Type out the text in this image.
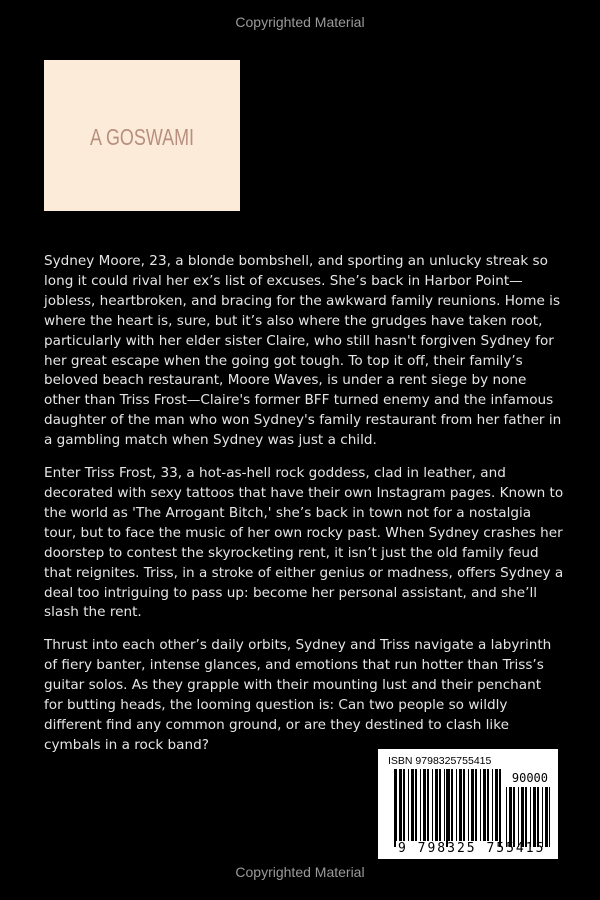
Copyrighted Material
A GOSWAMI

Sydney Moore, 23, a blonde bombshell, and sporting an unlucky streak so long it could rival her ex’s list of excuses. She’s back in Harbor Point—jobless, heartbroken, and bracing for the awkward family reunions. Home is where the heart is, sure, but it’s also where the grudges have taken root, particularly with her elder sister Claire, who still hasn't forgiven Sydney for her great escape when the going got tough. To top it off, their family’s beloved beach restaurant, Moore Waves, is under a rent siege by none other than Triss Frost—Claire's former BFF turned enemy and the infamous daughter of the man who won Sydney's family restaurant from her father in a gambling match when Sydney was just a child.

Enter Triss Frost, 33, a hot-as-hell rock goddess, clad in leather, and decorated with sexy tattoos that have their own Instagram pages. Known to the world as 'The Arrogant Bitch,' she’s back in town not for a nostalgia tour, but to face the music of her own rocky past. When Sydney crashes her doorstep to contest the skyrocketing rent, it isn’t just the old family feud that reignites. Triss, in a stroke of either genius or madness, offers Sydney a deal too intriguing to pass up: become her personal assistant, and she’ll slash the rent.

Thrust into each other’s daily orbits, Sydney and Triss navigate a labyrinth of fiery banter, intense glances, and emotions that run hotter than Triss’s guitar solos. As they grapple with their mounting lust and their penchant for butting heads, the looming question is: Can two people so wildly different find any common ground, or are they destined to clash like cymbals in a rock band?

ISBN 9798325755415
90000
9 798325 755415
Copyrighted Material
